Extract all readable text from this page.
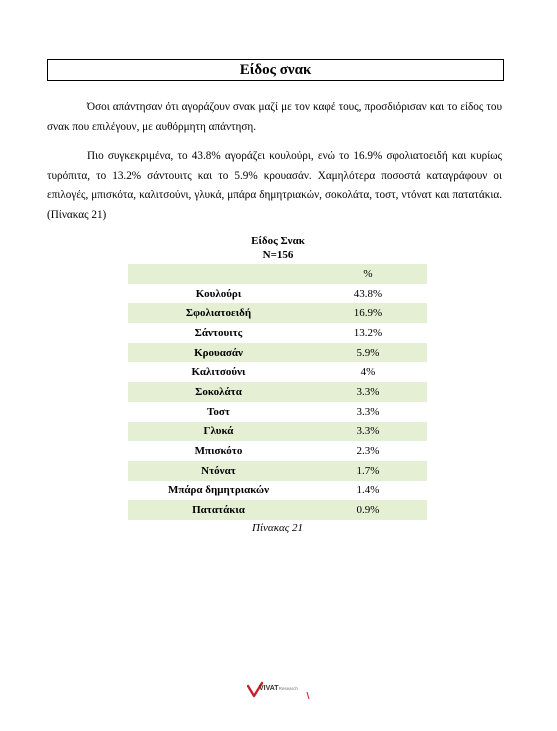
Είδος σνακ

Όσοι απάντησαν ότι αγοράζουν σνακ μαζί με τον καφέ τους, προσδιόρισαν και το είδος του σνακ που επιλέγουν, με αυθόρμητη απάντηση.

Πιο συγκεκριμένα, το 43.8% αγοράζει κουλούρι, ενώ το 16.9% σφολιατοειδή και κυρίως τυρόπιτα, το 13.2% σάντουιτς και το 5.9% κρουασάν. Χαμηλότερα ποσοστά καταγράφουν οι επιλογές, μπισκότα, καλιτσούνι, γλυκά, μπάρα δημητριακών, σοκολάτα, τοστ, ντόνατ και πατατάκια.(Πίνακας 21)

Είδος Σνακ
N=156
	%
Κουλούρι	43.8%
Σφολιατοειδή	16.9%
Σάντουιτς	13.2%
Κρουασάν	5.9%
Καλιτσούνι	4%
Σοκολάτα	3.3%
Τοστ	3.3%
Γλυκά	3.3%
Μπισκότο	2.3%
Ντόνατ	1.7%
Μπάρα δημητριακών	1.4%
Πατατάκια	0.9%
Πίνακας 21
VIVATResearch
